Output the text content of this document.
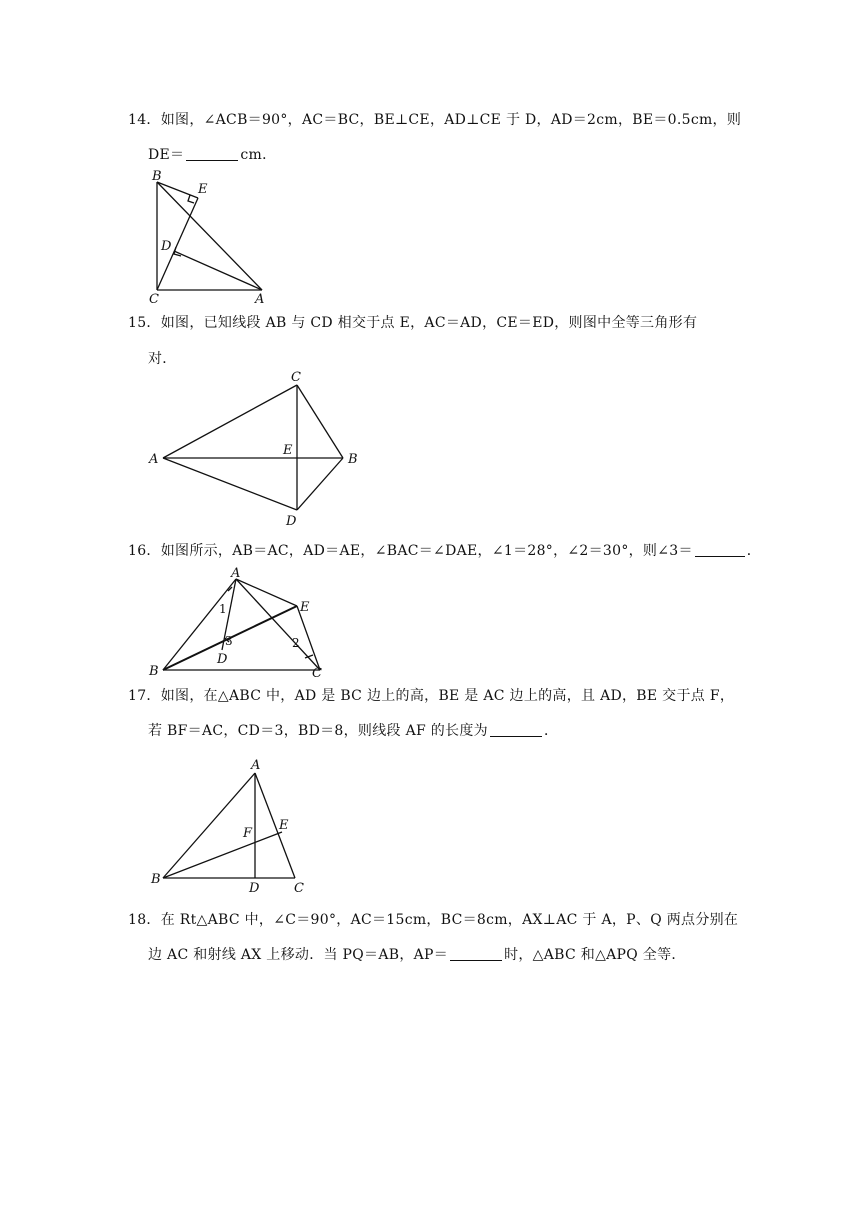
14．如图，∠ACB＝90°，AC＝BC，BE⊥CE，AD⊥CE 于 D，AD＝2cm，BE＝0.5cm，则
DE＝	cm．
B
E
D
C	A
15．如图，已知线段 AB 与 CD 相交于点 E，AC＝AD，CE＝ED，则图中全等三角形有
对．
C
A
E
B
D
16．如图所示，AB＝AC，AD＝AE，∠BAC＝∠DAE，∠1＝28°，∠2＝30°，则∠3＝	．
A
E
B
D
C
1
2
3
17．如图，在△ABC 中，AD 是 BC 边上的高，BE 是 AC 边上的高，且 AD，BE 交于点 F，
若 BF＝AC，CD＝3，BD＝8，则线段 AF 的长度为	．
A
F
E
B
D	C
18．在 Rt△ABC 中，∠C＝90°，AC＝15cm，BC＝8cm，AX⊥AC 于 A，P、Q 两点分别在
边 AC 和射线 AX 上移动．当 PQ＝AB，AP＝	时，△ABC 和△APQ 全等．
